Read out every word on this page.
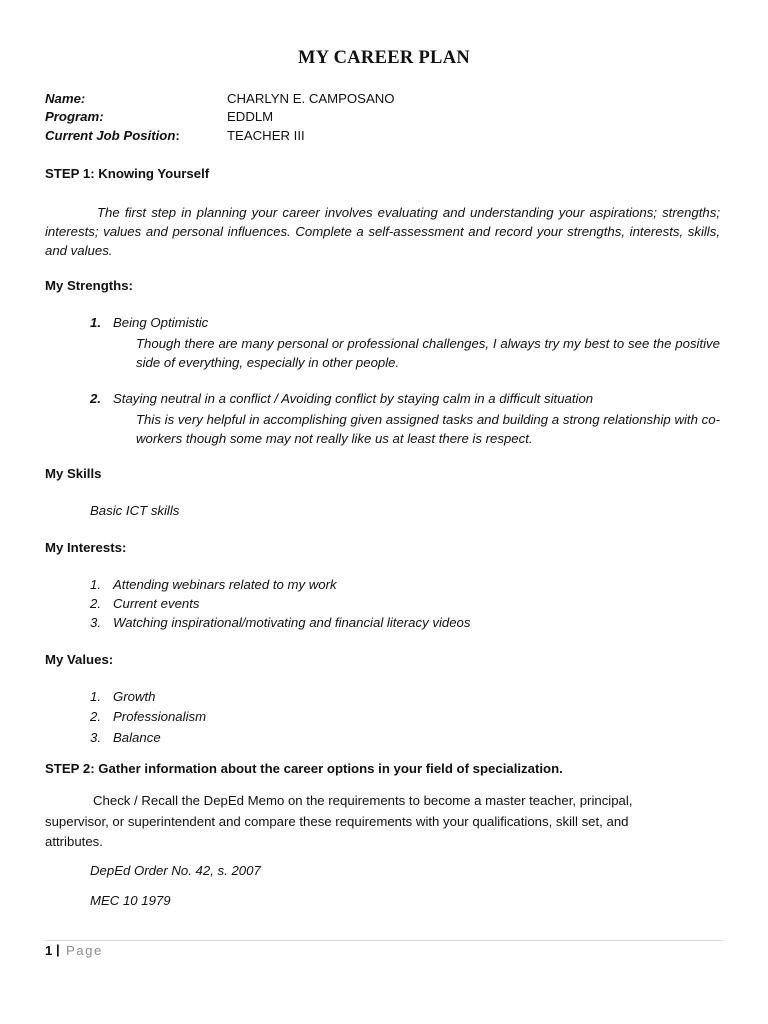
MY CAREER PLAN
Name:	CHARLYN E. CAMPOSANO
Program:	EDDLM
Current Job Position:	TEACHER III
STEP 1: Knowing Yourself
The first step in planning your career involves evaluating and understanding your aspirations; strengths; interests; values and personal influences. Complete a self-assessment and record your strengths, interests, skills, and values.
My Strengths:
1. Being Optimistic
Though there are many personal or professional challenges, I always try my best to see the positive side of everything, especially in other people.
2. Staying neutral in a conflict / Avoiding conflict by staying calm in a difficult situation
This is very helpful in accomplishing given assigned tasks and building a strong relationship with co-workers though some may not really like us at least there is respect.
My Skills
Basic ICT skills
My Interests:
1. Attending webinars related to my work
2. Current events
3. Watching inspirational/motivating and financial literacy videos
My Values:
1. Growth
2. Professionalism
3. Balance
STEP 2: Gather information about the career options in your field of specialization.
Check / Recall the DepEd Memo on the requirements to become a master teacher, principal, supervisor, or superintendent and compare these requirements with your qualifications, skill set, and attributes.
DepEd Order No. 42, s. 2007
MEC 10 1979
1 | Page
